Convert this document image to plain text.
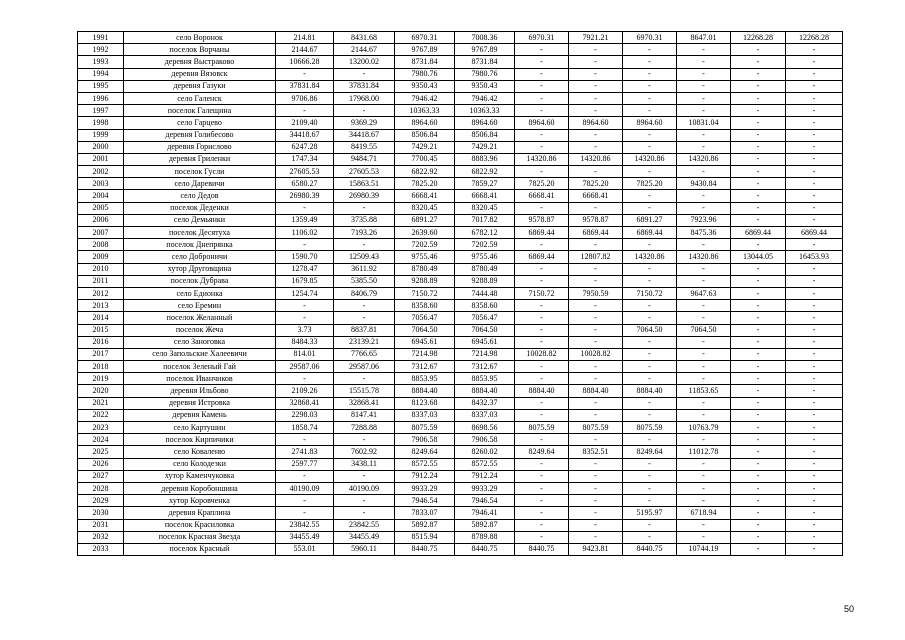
1991	село Воронок	214.81	8431.68	6970.31	7008.36	6970.31	7921.21	6970.31	8647.01	12268.28	12268.28
1992	поселок Ворчаны	2144.67	2144.67	9767.89	9767.89	-	-	-	-	-	-
1993	деревня Выстраково	10666.28	13200.02	8731.84	8731.84	-	-	-	-	-	-
1994	деревня Вязовск	-	-	7980.76	7980.76	-	-	-	-	-	-
1995	деревня Газуки	37831.84	37831.84	9350.43	9350.43	-	-	-	-	-	-
1996	село Галенск	9706.86	17968.00	7946.42	7946.42	-	-	-	-	-	-
1997	поселок Галещина	-	-	10363.33	10363.33	-	-	-	-	-	-
1998	село Гарцево	2109.40	9369.29	8964.60	8964.60	8964.60	8964.60	8964.60	10831.04	-	-
1999	деревня Голибесово	34418.67	34418.67	8506.84	8506.84	-	-	-	-	-	-
2000	деревня Горислово	6247.28	8419.55	7429.21	7429.21	-	-	-	-	-	-
2001	деревня Гриленки	1747.34	9484.71	7700.45	8883.96	14320.86	14320.86	14320.86	14320.86	-	-
2002	поселок Гусли	27605.53	27605.53	6822.92	6822.92	-	-	-	-	-	-
2003	село Даревичи	6580.27	15863.51	7825.20	7859.27	7825.20	7825.20	7825.20	9430.84	-	-
2004	село Дедов	26980.39	26980.39	6668.41	6668.41	6668.41	6668.41	-	-	-	-
2005	поселок Деденки	-	-	8320.45	8320.45	-	-	-	-	-	-
2006	село Демьянки	1359.49	3735.88	6891.27	7017.82	9578.87	9578.87	6891.27	7923.96	-	-
2007	поселок Десятуха	1106.02	7193.26	2639.60	6782.12	6869.44	6869.44	6869.44	8475.36	6869.44	6869.44
2008	поселок Днепрянка	-	-	7202.59	7202.59	-	-	-	-	-	-
2009	село Доброничи	1590.70	12509.43	9755.46	9755.46	6869.44	12807.82	14320.86	14320.86	13044.05	16453.93
2010	хутор Друговщина	1278.47	3611.92	8780.49	8780.49	-	-	-	-	-	-
2011	поселок Дубрава	1679.85	5385.50	9288.89	9288.89	-	-	-	-	-	-
2012	село Едионка	1254.74	8406.79	7150.72	7444.48	7150.72	7950.59	7150.72	9647.63	-	-
2013	село Еремин	-	-	8358.60	8358.60	-	-	-	-	-	-
2014	поселок Желанный	-	-	7056.47	7056.47	-	-	-	-	-	-
2015	поселок Жеча	3.73	8837.81	7064.50	7064.50	-	-	7064.50	7064.50	-	-
2016	село Заноговка	8484.33	23139.21	6945.61	6945.61	-	-	-	-	-	-
2017	село Запольские Халеевичи	814.01	7766.65	7214.98	7214.98	10028.82	10028.82	-	-	-	-
2018	поселок Зеленый Гай	29587.06	29587.06	7312.67	7312.67	-	-	-	-	-	-
2019	поселок Иванчиков	-	-	8853.95	8853.95	-	-	-	-	-	-
2020	деревня Ильбово	2109.26	15515.78	8884.40	8884.40	8884.40	8884.40	8884.40	11853.65	-	-
2021	деревня Истровка	32868.41	32868.41	8123.68	8432.37	-	-	-	-	-	-
2022	деревня Камень	2298.03	8147.41	8337.03	8337.03	-	-	-	-	-	-
2023	село Картушин	1858.74	7288.88	8075.59	8698.56	8075.59	8075.59	8075.59	10763.79	-	-
2024	поселок Кирпичики	-	-	7906.58	7906.58	-	-	-	-	-	-
2025	село Коваленю	2741.83	7602.92	8249.64	8260.02	8249.64	8352.51	8249.64	11012.78	-	-
2026	село Колодезки	2597.77	3438.11	8572.55	8572.55	-	-	-	-	-	-
2027	хутор Каменчуковка	-	-	7912.24	7912.24	-	-	-	-	-	-
2028	деревня Коробоншина	40190.09	40190.09	9933.29	9933.29	-	-	-	-	-	-
2029	хутор Коровченка	-	-	7946.54	7946.54	-	-	-	-	-	-
2030	деревня Краплина	-	-	7833.07	7946.41	-	-	5195.97	6718.94	-	-
2031	поселок Красиловка	23842.55	23842.55	5892.87	5892.87	-	-	-	-	-	-
2032	поселок Красная Звезда	34455.49	34455.49	8515.94	8789.88	-	-	-	-	-	-
2033	поселок Красный	553.01	5960.11	8440.75	8440.75	8440.75	9423.81	8440.75	10744.19	-	-
50
